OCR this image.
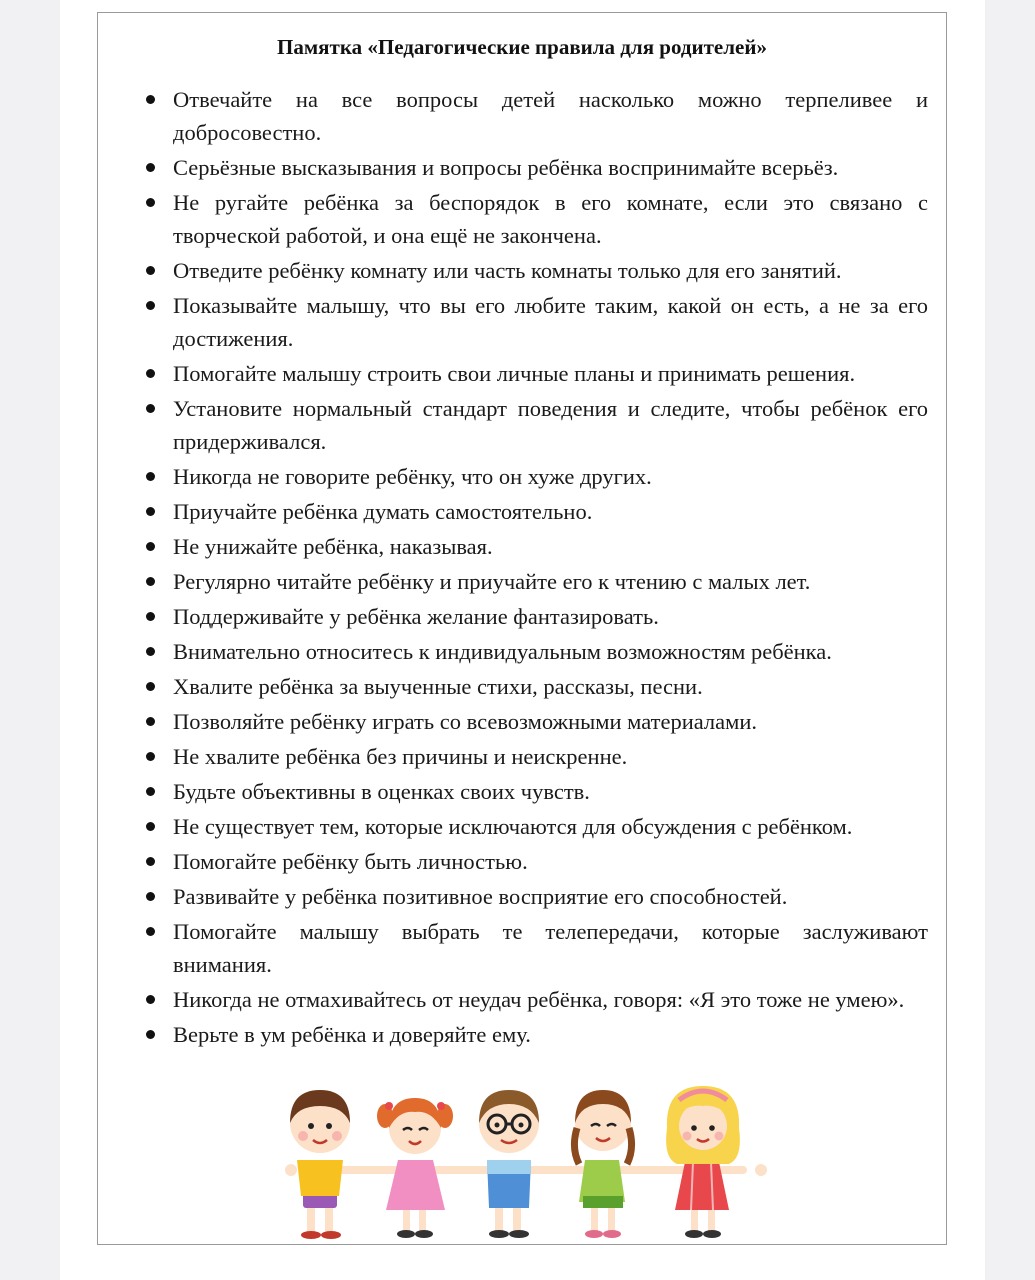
Памятка «Педагогические правила для родителей»
Отвечайте на все вопросы детей насколько можно терпеливее и добросовестно.
Серьёзные высказывания и вопросы ребёнка воспринимайте всерьёз.
Не ругайте ребёнка за беспорядок в его комнате, если это связано с творческой работой, и она ещё не закончена.
Отведите ребёнку комнату или часть комнаты только для его занятий.
Показывайте малышу, что вы его любите таким, какой он есть, а не за его достижения.
Помогайте малышу строить свои личные планы и принимать решения.
Установите нормальный стандарт поведения и следите, чтобы ребёнок его придерживался.
Никогда не говорите ребёнку, что он хуже других.
Приучайте ребёнка думать самостоятельно.
Не унижайте ребёнка, наказывая.
Регулярно читайте ребёнку и приучайте его к чтению с малых лет.
Поддерживайте у ребёнка желание фантазировать.
Внимательно относитесь к индивидуальным возможностям ребёнка.
Хвалите ребёнка за выученные стихи, рассказы, песни.
Позволяйте ребёнку играть со всевозможными материалами.
Не хвалите ребёнка без причины и неискренне.
Будьте объективны в оценках своих чувств.
Не существует тем, которые исключаются для обсуждения с ребёнком.
Помогайте ребёнку быть личностью.
Развивайте у ребёнка позитивное восприятие его способностей.
Помогайте малышу выбрать те телепередачи, которые заслуживают внимания.
Никогда не отмахивайтесь от неудач ребёнка, говоря: «Я это тоже не умею».
Верьте в ум ребёнка и доверяйте ему.
